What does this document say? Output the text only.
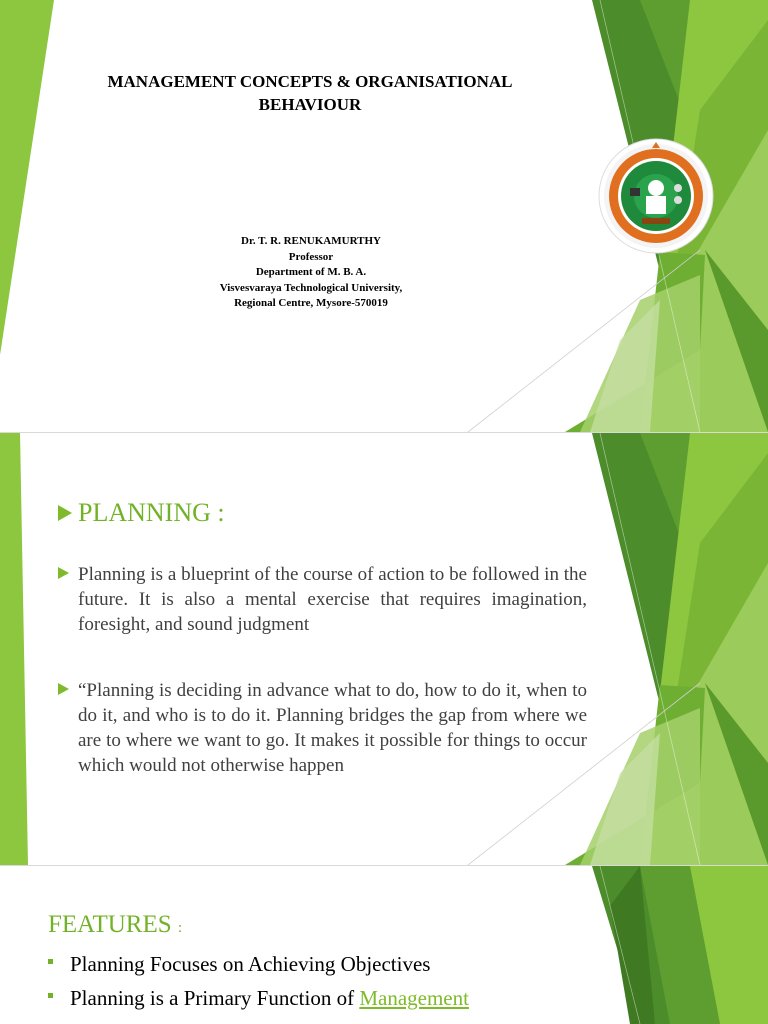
MANAGEMENT CONCEPTS & ORGANISATIONAL BEHAVIOUR
Dr. T. R. RENUKAMURTHY
Professor
Department of M. B. A.
Visvesvaraya Technological University,
Regional Centre, Mysore-570019
PLANNING :
Planning is a blueprint of the course of action to be followed in the future. It is also a mental exercise that requires imagination, foresight, and sound judgment
“Planning is deciding in advance what to do, how to do it, when to do it, and who is to do it. Planning bridges the gap from where we are to where we want to go. It makes it possible for things to occur which would not otherwise happen
FEATURES :
Planning Focuses on Achieving Objectives
Planning is a Primary Function of Management
